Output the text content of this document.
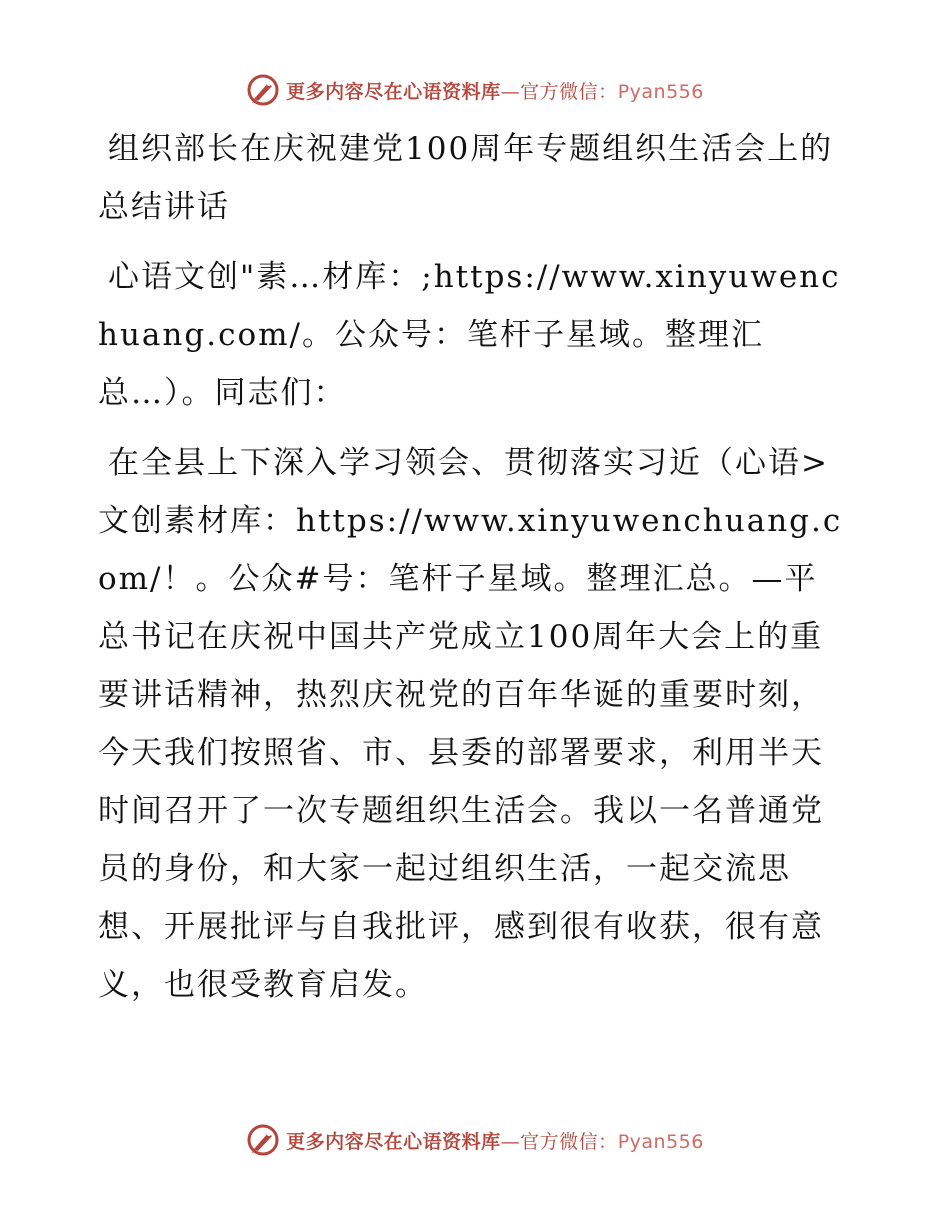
更多内容尽在心语资料库—官方微信：Pyan556

组织部长在庆祝建党100周年专题组织生活会上的总结讲话

心语文创"素…材库：;https://www.xinyuwenchuang.com/。公众号：笔杆子星域。整理汇总…）。同志们：

在全县上下深入学习领会、贯彻落实习近（心语>文创素材库：https://www.xinyuwenchuang.com/！。公众#号：笔杆子星域。整理汇总。—平总书记在庆祝中国共产党成立100周年大会上的重要讲话精神，热烈庆祝党的百年华诞的重要时刻，今天我们按照省、市、县委的部署要求，利用半天时间召开了一次专题组织生活会。我以一名普通党员的身份，和大家一起过组织生活，一起交流思想、开展批评与自我批评，感到很有收获，很有意义，也很受教育启发。

更多内容尽在心语资料库—官方微信：Pyan556
